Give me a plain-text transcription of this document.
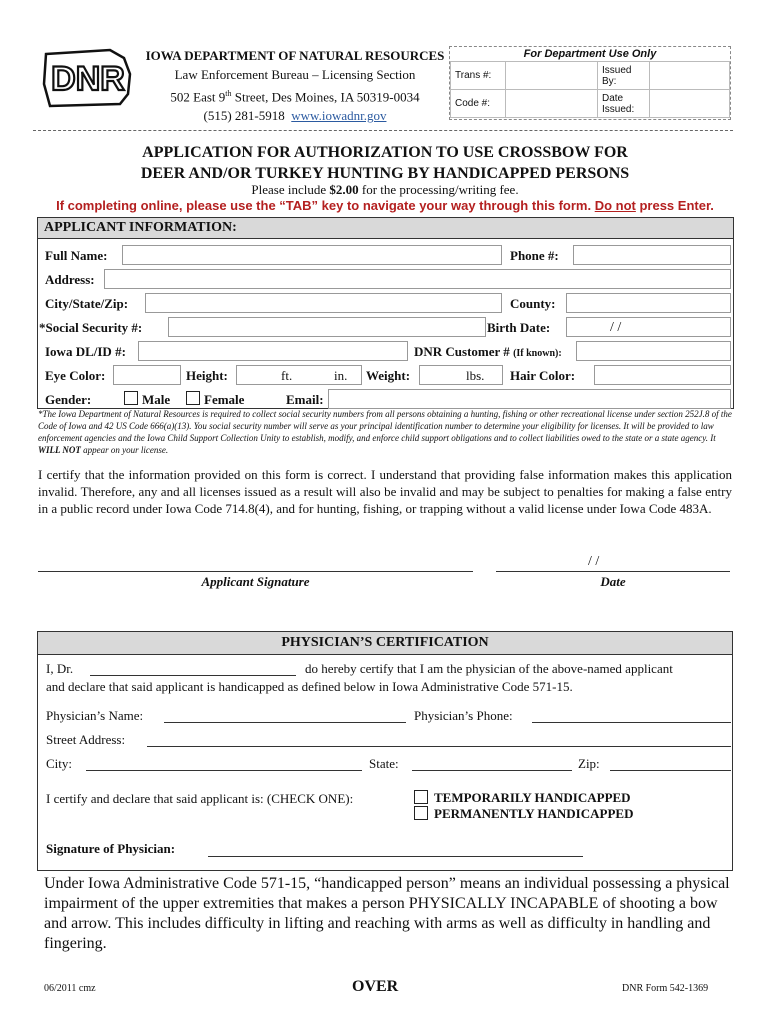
DNR
IOWA DEPARTMENT OF NATURAL RESOURCES
Law Enforcement Bureau – Licensing Section
502 East 9th Street, Des Moines, IA 50319-0034
(515) 281-5918 www.iowadnr.gov
For Department Use Only			
Trans #:		Issued By:	
Code #:		Date Issued:	
APPLICATION FOR AUTHORIZATION TO USE CROSSBOW FOR
DEER AND/OR TURKEY HUNTING BY HANDICAPPED PERSONS
Please include $2.00 for the processing/writing fee.
If completing online, please use the “TAB” key to navigate your way through this form. Do not press Enter.
APPLICANT INFORMATION:
Full Name:	Phone #:
Address:
City/State/Zip:	County:
*Social Security #:	Birth Date:	/ /
Iowa DL/ID #:	DNR Customer # (If known):
Eye Color:	Height:	ft.	in. Weight:	lbs. Hair Color:
Gender:	Male	Female	Email:
*The Iowa Department of Natural Resources is required to collect social security numbers from all persons obtaining a hunting, fishing or other recreational license under section 252J.8 of the Code of Iowa and 42 US Code 666(a)(13). You social security number will serve as your principal identification number to determine your eligibility for licenses. It will be provided to law enforcement agencies and the Iowa Child Support Collection Unity to establish, modify, and enforce child support obligations and to collect liabilities owed to the state or a state agency. It WILL NOT appear on your license.
I certify that the information provided on this form is correct. I understand that providing false information makes this application invalid. Therefore, any and all licenses issued as a result will also be invalid and may be subject to penalties for making a false entry in a public record under Iowa Code 714.8(4), and for hunting, fishing, or trapping without a valid license under Iowa Code 483A.
Applicant Signature
/ /
Date
PHYSICIAN’S CERTIFICATION
I, Dr.	do hereby certify that I am the physician of the above-named applicant
and declare that said applicant is handicapped as defined below in Iowa Administrative Code 571-15.
Physician’s Name:	Physician’s Phone:
Street Address:
City:	State:	Zip:
I certify and declare that said applicant is: (CHECK ONE):	TEMPORARILY HANDICAPPED
PERMANENTLY HANDICAPPED
Signature of Physician:
Under Iowa Administrative Code 571-15, “handicapped person” means an individual possessing a physical impairment of the upper extremities that makes a person PHYSICALLY INCAPABLE of shooting a bow and arrow. This includes difficulty in lifting and reaching with arms as well as difficulty in handling and fingering.
06/2011 cmz	OVER	DNR Form 542-1369
